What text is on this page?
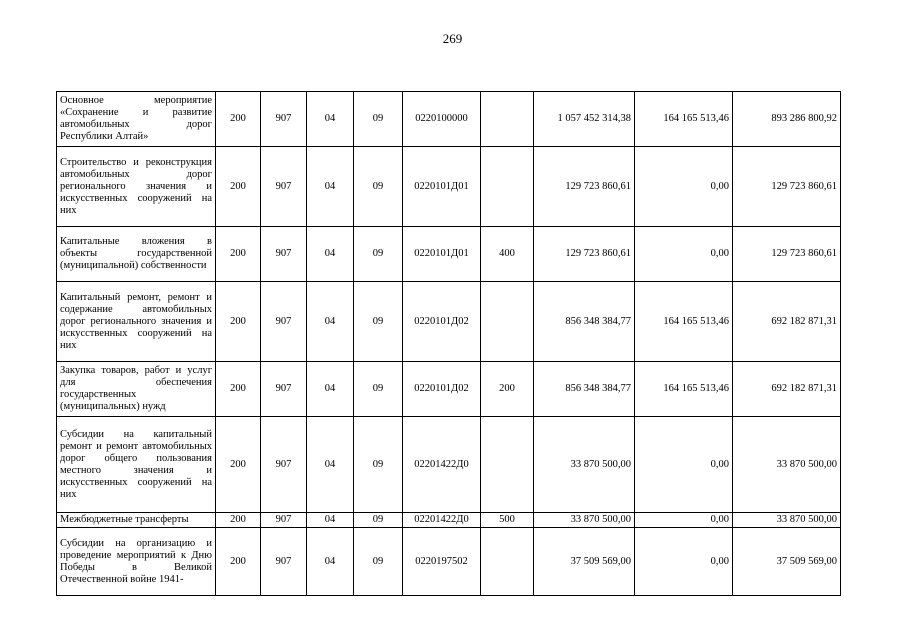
269
Основное мероприятие «Сохранение и развитие автомобильных дорог Республики Алтай»	200	907	04	09	0220100000		1 057 452 314,38	164 165 513,46	893 286 800,92
Строительство и реконструкция автомобильных дорог регионального значения и искусственных сооружений на них	200	907	04	09	0220101Д01		129 723 860,61	0,00	129 723 860,61
Капитальные вложения в объекты государственной (муниципальной) собственности	200	907	04	09	0220101Д01	400	129 723 860,61	0,00	129 723 860,61
Капитальный ремонт, ремонт и содержание автомобильных дорог регионального значения и искусственных сооружений на них	200	907	04	09	0220101Д02		856 348 384,77	164 165 513,46	692 182 871,31
Закупка товаров, работ и услуг для обеспечения государственных (муниципальных) нужд	200	907	04	09	0220101Д02	200	856 348 384,77	164 165 513,46	692 182 871,31
Субсидии на капитальный ремонт и ремонт автомобильных дорог общего пользования местного значения и искусственных сооружений на них	200	907	04	09	02201422Д0		33 870 500,00	0,00	33 870 500,00
Межбюджетные трансферты	200	907	04	09	02201422Д0	500	33 870 500,00	0,00	33 870 500,00
Субсидии на организацию и проведение мероприятий к Дню Победы в Великой Отечественной войне 1941-	200	907	04	09	0220197502		37 509 569,00	0,00	37 509 569,00
